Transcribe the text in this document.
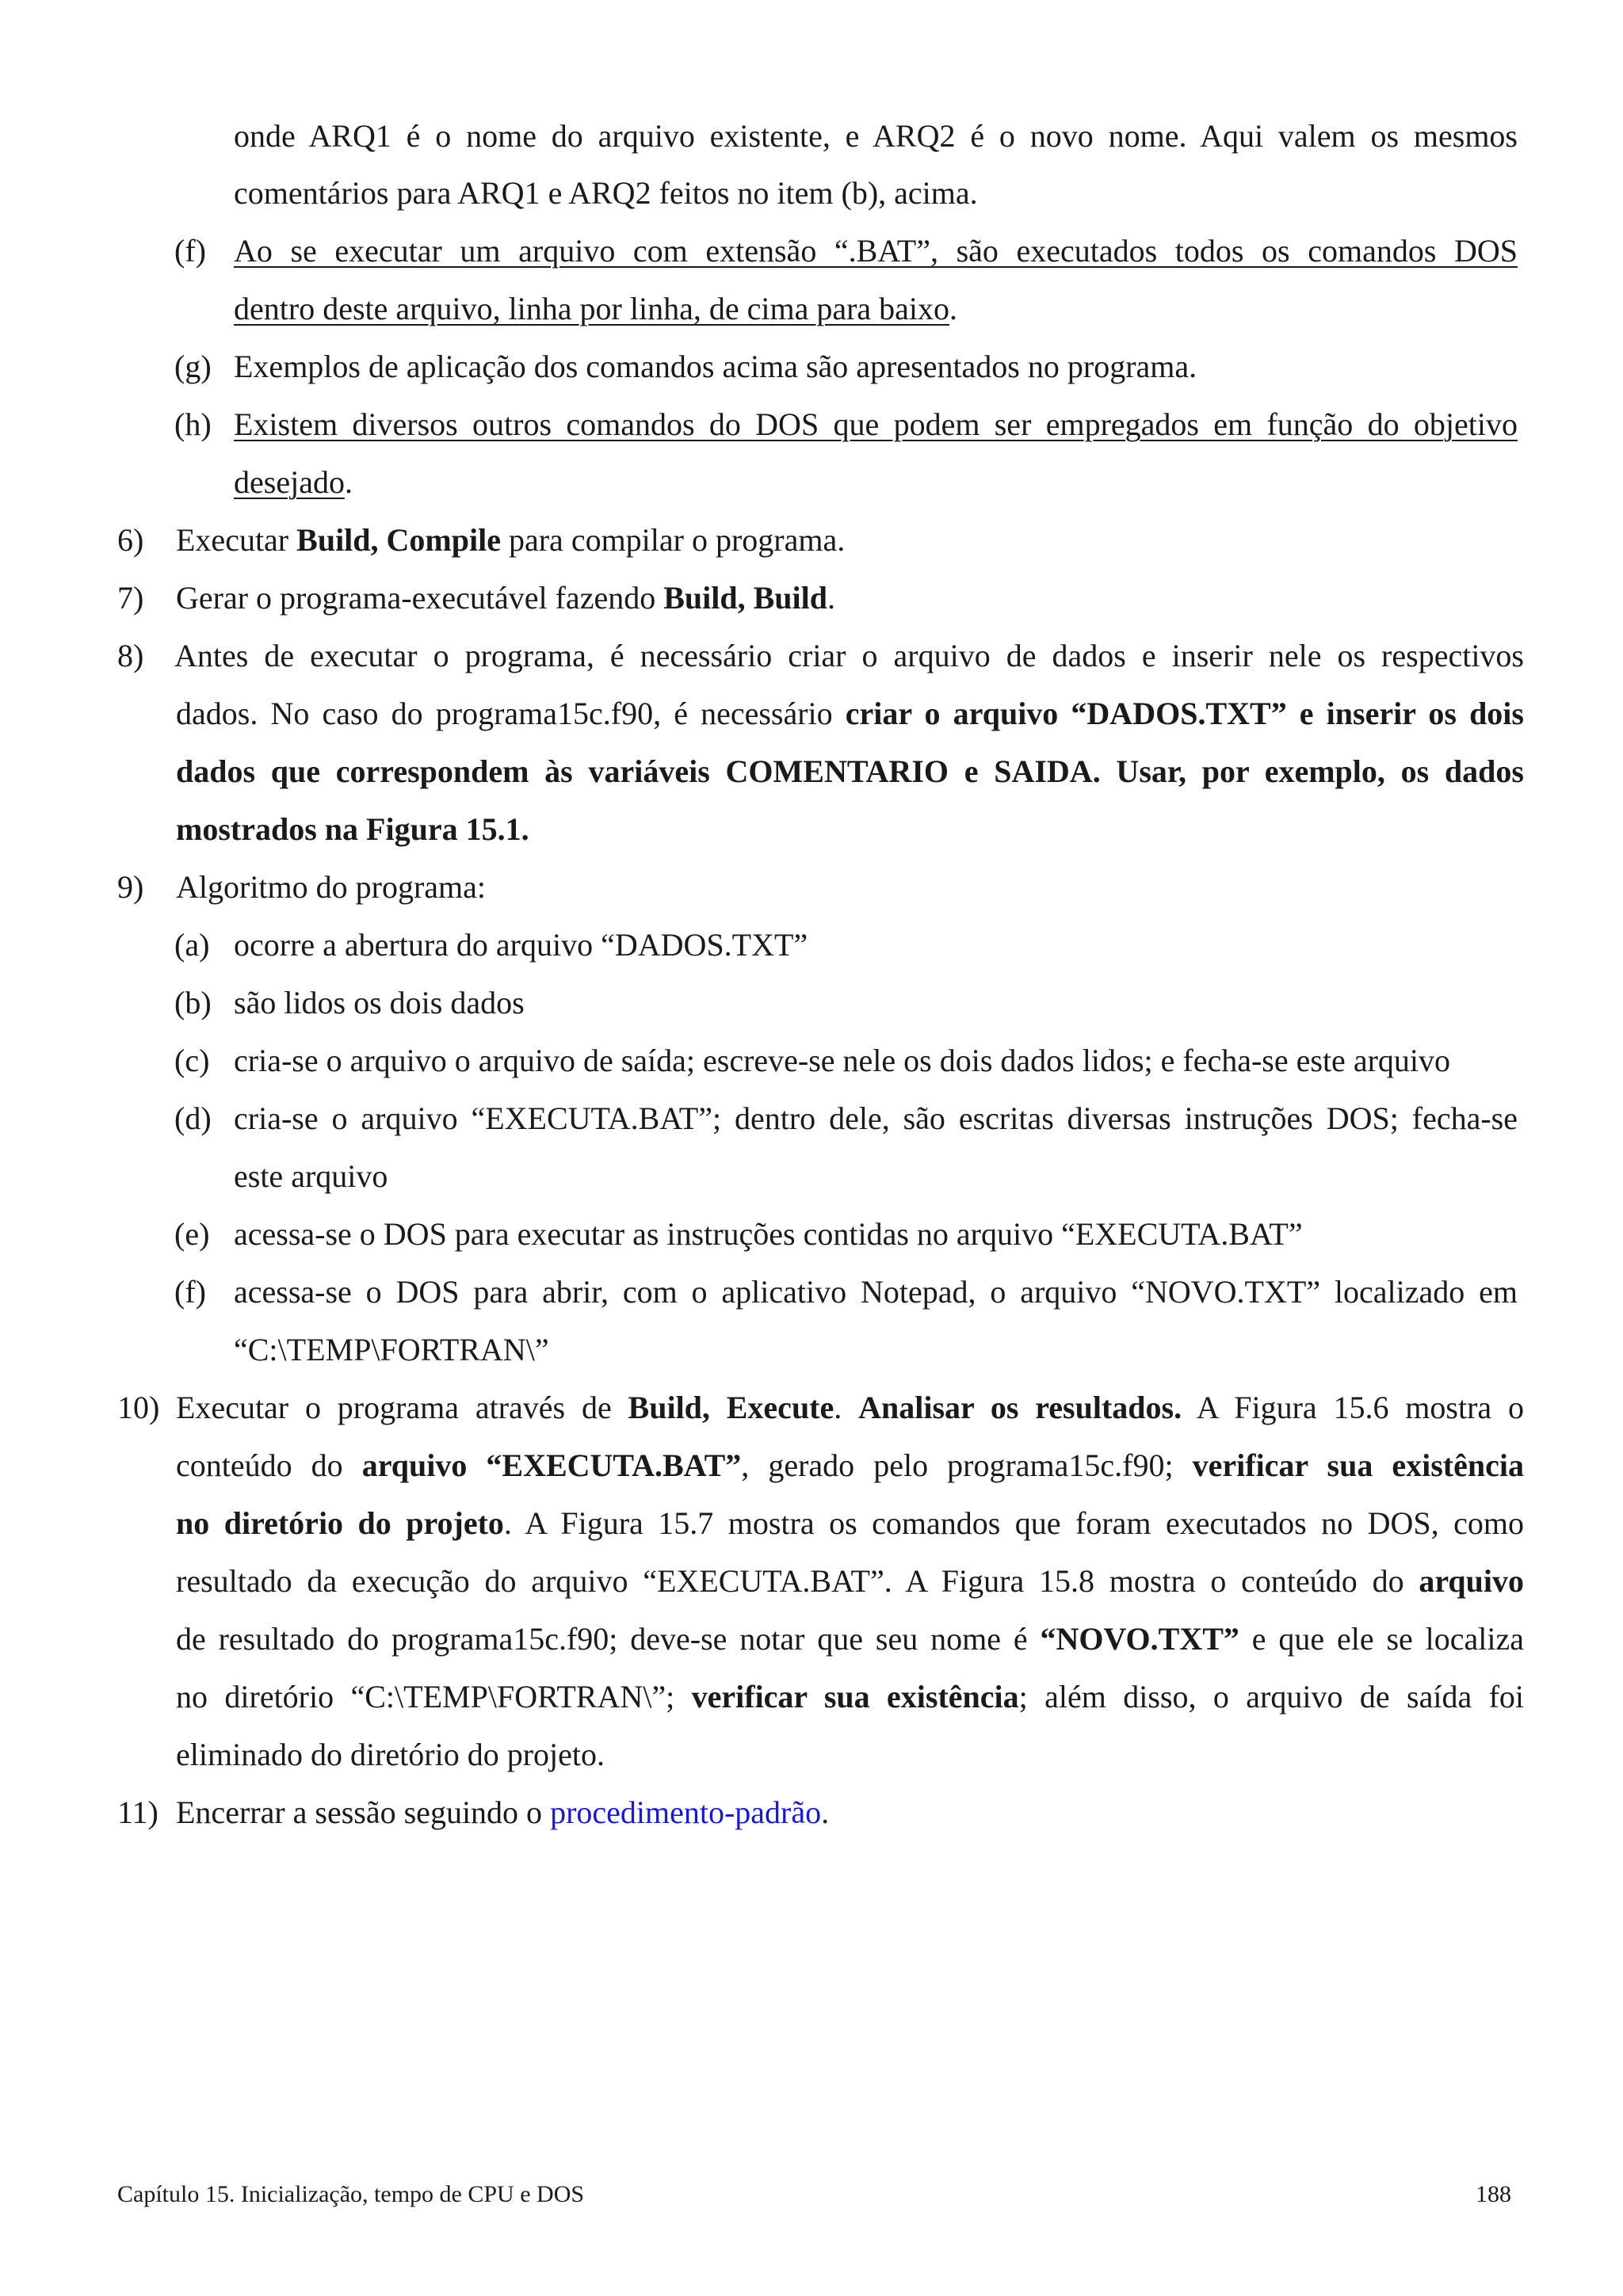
onde ARQ1 é o nome do arquivo existente, e ARQ2 é o novo nome. Aqui valem os mesmos
comentários para ARQ1 e ARQ2 feitos no item (b), acima.
(f) Ao se executar um arquivo com extensão “.BAT”, são executados todos os comandos DOS
dentro deste arquivo, linha por linha, de cima para baixo.
(g) Exemplos de aplicação dos comandos acima são apresentados no programa.
(h) Existem diversos outros comandos do DOS que podem ser empregados em função do objetivo
desejado.
6) Executar Build, Compile para compilar o programa.
7) Gerar o programa-executável fazendo Build, Build.
8) Antes de executar o programa, é necessário criar o arquivo de dados e inserir nele os respectivos
dados. No caso do programa15c.f90, é necessário criar o arquivo “DADOS.TXT” e inserir os dois
dados que correspondem às variáveis COMENTARIO e SAIDA. Usar, por exemplo, os dados
mostrados na Figura 15.1.
9) Algoritmo do programa:
(a) ocorre a abertura do arquivo “DADOS.TXT”
(b) são lidos os dois dados
(c) cria-se o arquivo o arquivo de saída; escreve-se nele os dois dados lidos; e fecha-se este arquivo
(d) cria-se o arquivo “EXECUTA.BAT”; dentro dele, são escritas diversas instruções DOS; fecha-se
este arquivo
(e) acessa-se o DOS para executar as instruções contidas no arquivo “EXECUTA.BAT”
(f) acessa-se o DOS para abrir, com o aplicativo Notepad, o arquivo “NOVO.TXT” localizado em
“C:\TEMP\FORTRAN\”
10) Executar o programa através de Build, Execute. Analisar os resultados. A Figura 15.6 mostra o
conteúdo do arquivo “EXECUTA.BAT”, gerado pelo programa15c.f90; verificar sua existência
no diretório do projeto. A Figura 15.7 mostra os comandos que foram executados no DOS, como
resultado da execução do arquivo “EXECUTA.BAT”. A Figura 15.8 mostra o conteúdo do arquivo
de resultado do programa15c.f90; deve-se notar que seu nome é “NOVO.TXT” e que ele se localiza
no diretório “C:\TEMP\FORTRAN\”; verificar sua existência; além disso, o arquivo de saída foi
eliminado do diretório do projeto.
11) Encerrar a sessão seguindo o procedimento-padrão.
Capítulo 15. Inicialização, tempo de CPU e DOS	188
